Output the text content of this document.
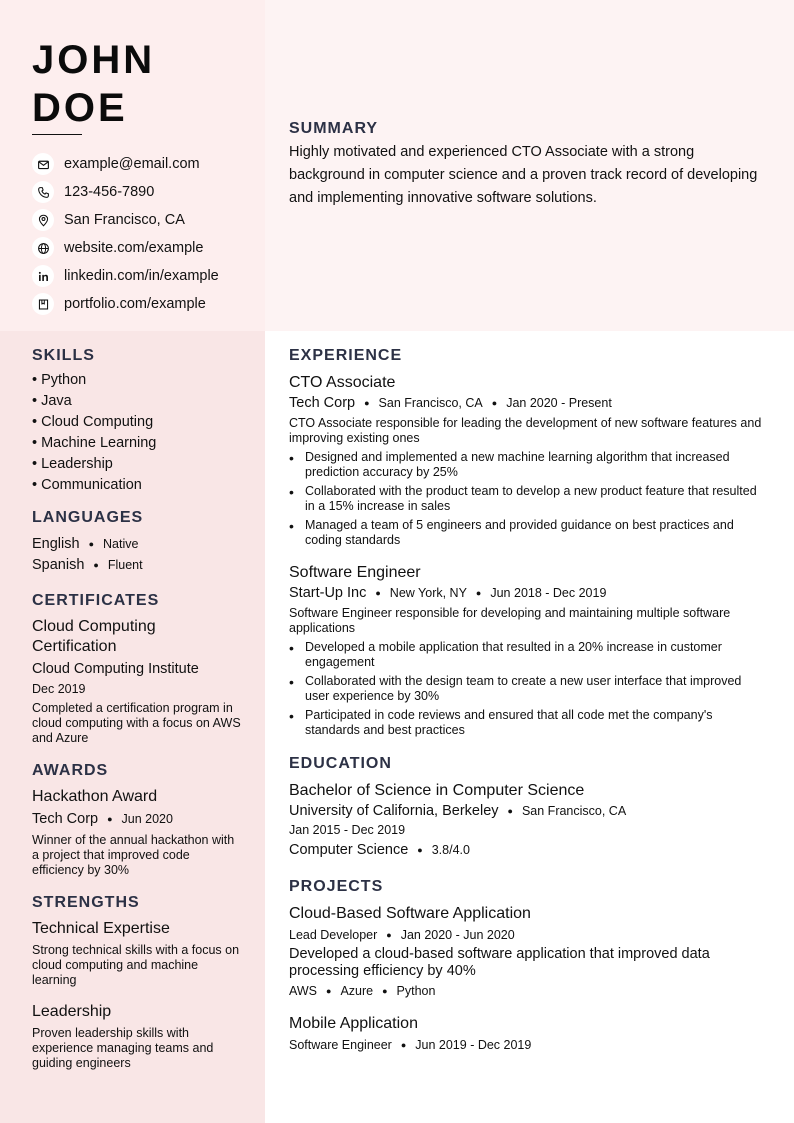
JOHN
DOE
example@email.com
123-456-7890
San Francisco, CA
website.com/example
linkedin.com/in/example
portfolio.com/example
SUMMARY

Highly motivated and experienced CTO Associate with a strong background in computer science and a proven track record of developing and implementing innovative software solutions.

SKILLS
• Python
• Java
• Cloud Computing
• Machine Learning
• Leadership
• Communication
LANGUAGES
English ● Native
Spanish ● Fluent
CERTIFICATES
Cloud Computing Certification
Cloud Computing Institute
Dec 2019
Completed a certification program in cloud computing with a focus on AWS and Azure
AWARDS
Hackathon Award
Tech Corp ● Jun 2020
Winner of the annual hackathon with a project that improved code efficiency by 30%
STRENGTHS
Technical Expertise
Strong technical skills with a focus on cloud computing and machine learning
Leadership
Proven leadership skills with experience managing teams and guiding engineers
EXPERIENCE
CTO Associate
Tech Corp ● San Francisco, CA ● Jan 2020 - Present
CTO Associate responsible for leading the development of new software features and improving existing ones
• Designed and implemented a new machine learning algorithm that increased prediction accuracy by 25%
• Collaborated with the product team to develop a new product feature that resulted in a 15% increase in sales
• Managed a team of 5 engineers and provided guidance on best practices and coding standards
Software Engineer
Start-Up Inc ● New York, NY ● Jun 2018 - Dec 2019
Software Engineer responsible for developing and maintaining multiple software applications
• Developed a mobile application that resulted in a 20% increase in customer engagement
• Collaborated with the design team to create a new user interface that improved user experience by 30%
• Participated in code reviews and ensured that all code met the company's standards and best practices
EDUCATION
Bachelor of Science in Computer Science
University of California, Berkeley ● San Francisco, CA
Jan 2015 - Dec 2019
Computer Science ● 3.8/4.0
PROJECTS
Cloud-Based Software Application
Lead Developer ● Jan 2020 - Jun 2020
Developed a cloud-based software application that improved data processing efficiency by 40%
AWS ● Azure ● Python
Mobile Application
Software Engineer ● Jun 2019 - Dec 2019
